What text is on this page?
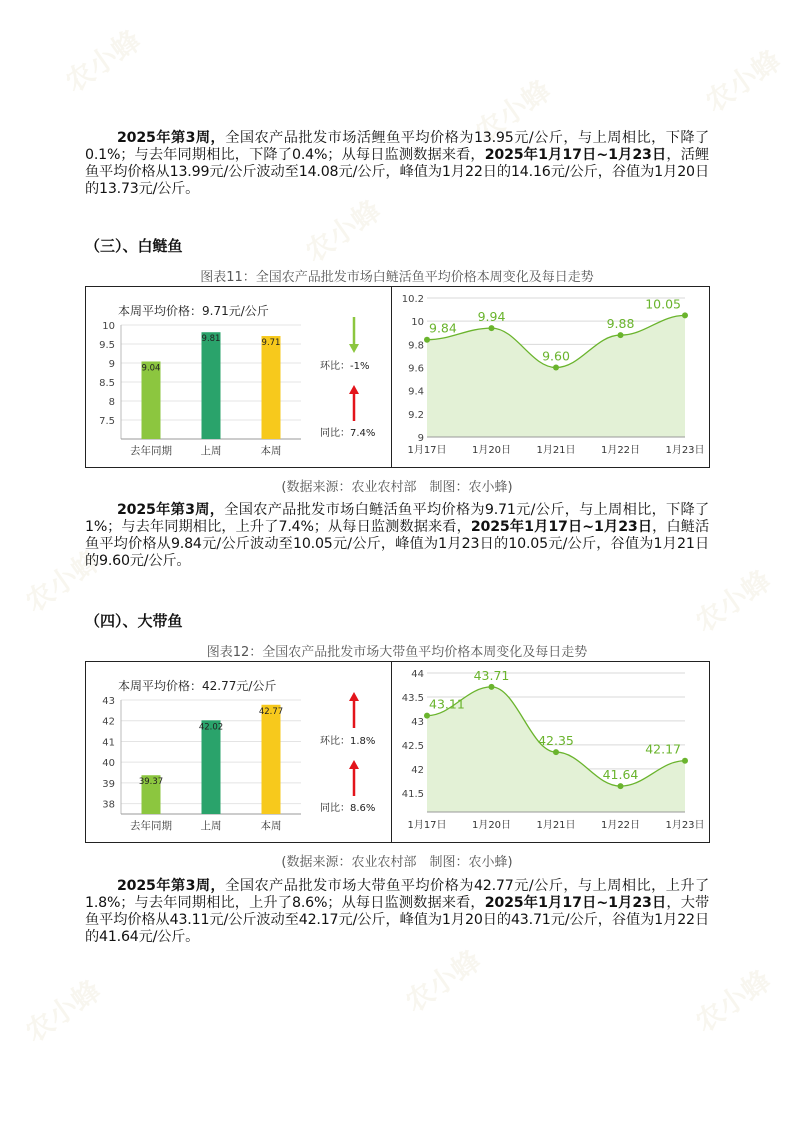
农小蜂
农小蜂	农小蜂
农小蜂
农小蜂	农小蜂
农小蜂
农小蜂	农小蜂
2025年第3周，全国农产品批发市场活鲤鱼平均价格为13.95元/公斤，与上周相比，下降了0.1%；与去年同期相比，下降了0.4%；从每日监测数据来看，2025年1月17日~1月23日，活鲤鱼平均价格从13.99元/公斤波动至14.08元/公斤，峰值为1月22日的14.16元/公斤，谷值为1月20日的13.73元/公斤。
（三）、白鲢鱼
图表11：全国农产品批发市场白鲢活鱼平均价格本周变化及每日走势
本周平均价格：9.71元/公斤
7.5
8
8.5
9
9.5
10
9.04
去年同期
9.81
上周
9.71
本周
环比： -1%
同比： 7.4%	9
9.2
9.4
9.6
9.8
10
10.2
9.84
1月17日
9.94
1月20日
9.60
1月21日
9.88
1月22日
10.05
1月23日
(数据来源：农业农村部　制图：农小蜂)
2025年第3周，全国农产品批发市场白鲢活鱼平均价格为9.71元/公斤，与上周相比，下降了1%；与去年同期相比，上升了7.4%；从每日监测数据来看，2025年1月17日~1月23日，白鲢活鱼平均价格从9.84元/公斤波动至10.05元/公斤，峰值为1月23日的10.05元/公斤，谷值为1月21日的9.60元/公斤。
（四）、大带鱼
图表12：全国农产品批发市场大带鱼平均价格本周变化及每日走势
本周平均价格：42.77元/公斤
38
39
40
41
42
43
39.37
去年同期
42.02
上周
42.77
本周
环比： 1.8%
同比： 8.6%
41.5
42
42.5
43
43.5
44
43.11
1月17日
43.71
1月20日
42.35
1月21日
41.64
1月22日
42.17
1月23日
(数据来源：农业农村部　制图：农小蜂)
2025年第3周，全国农产品批发市场大带鱼平均价格为42.77元/公斤，与上周相比，上升了1.8%；与去年同期相比，上升了8.6%；从每日监测数据来看，2025年1月17日~1月23日，大带鱼平均价格从43.11元/公斤波动至42.17元/公斤，峰值为1月20日的43.71元/公斤，谷值为1月22日的41.64元/公斤。
